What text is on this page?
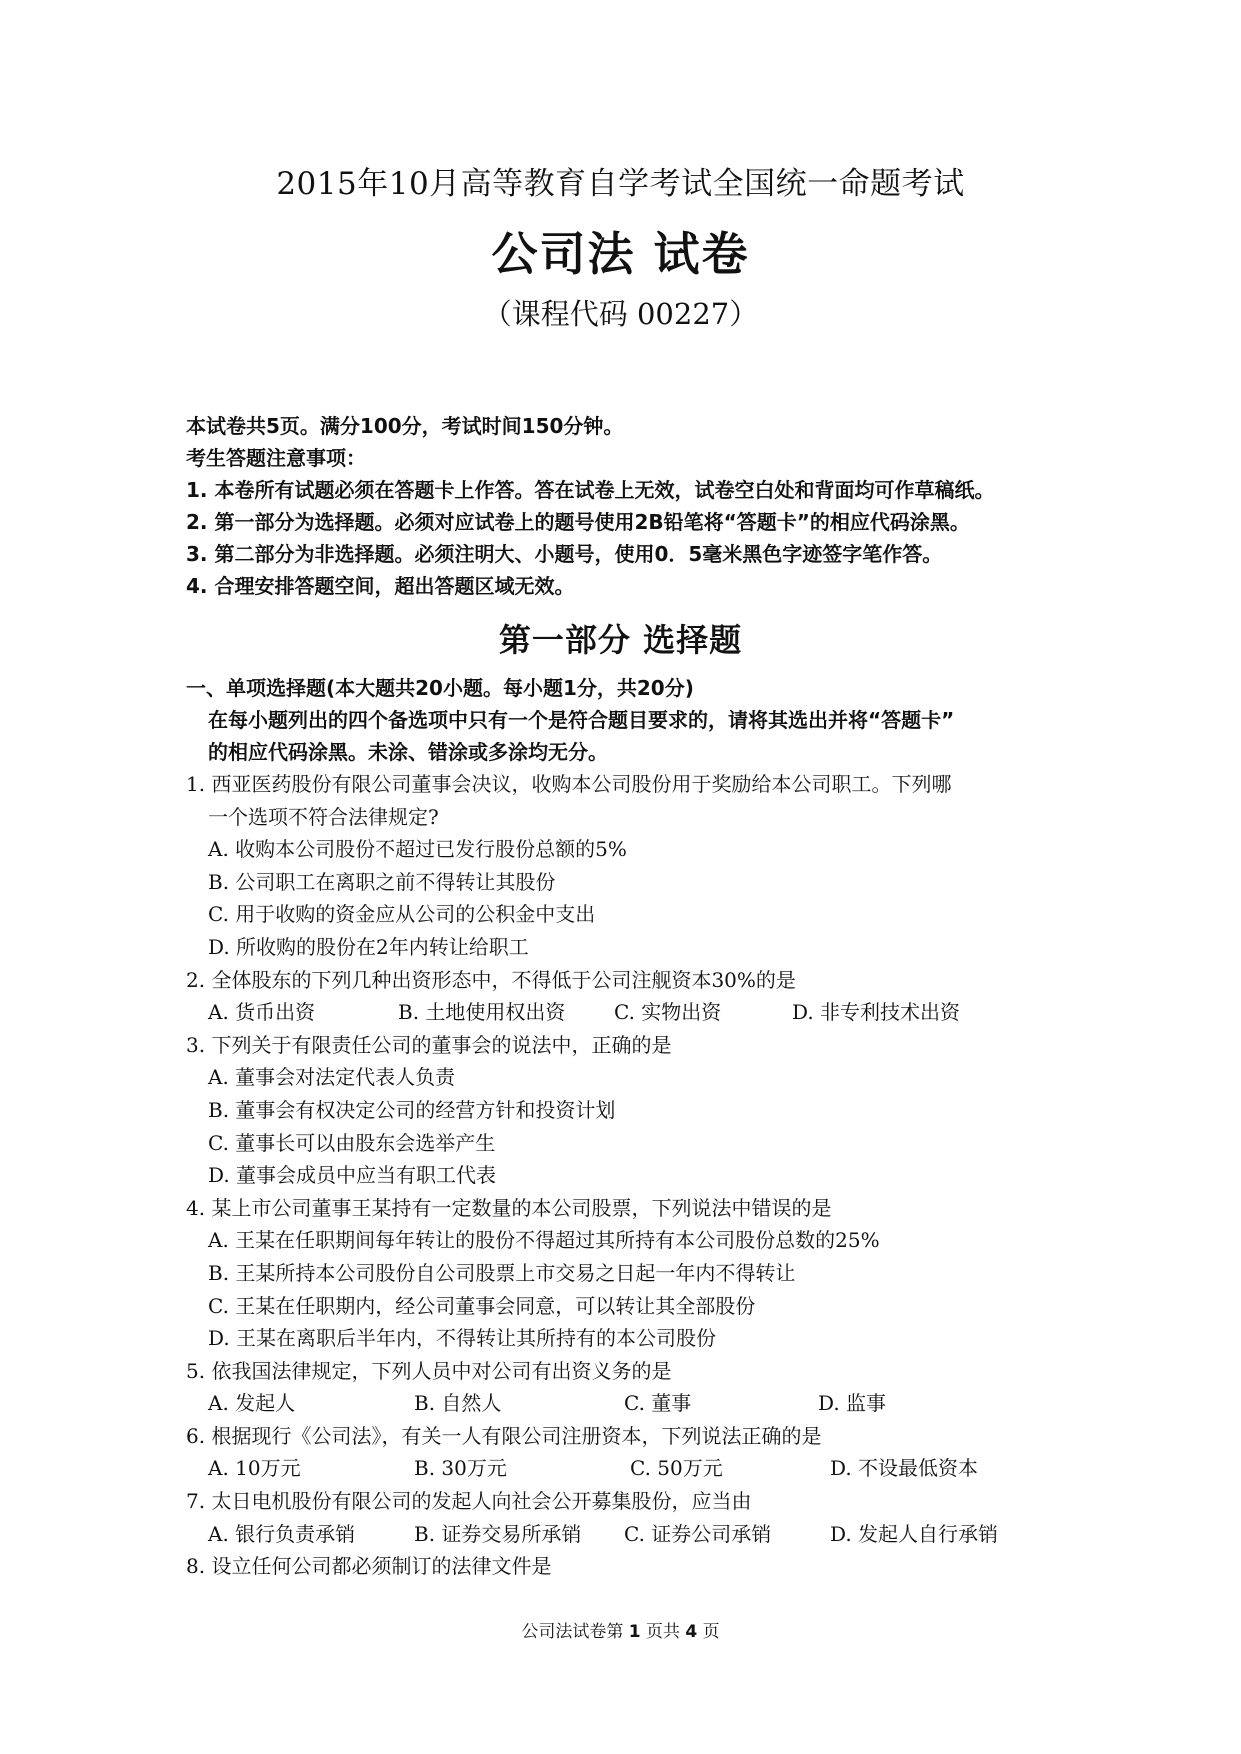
2015年10月高等教育自学考试全国统一命题考试
公司法 试卷
（课程代码 00227）
本试卷共5页。满分100分，考试时间150分钟。
考生答题注意事项：
1. 本卷所有试题必须在答题卡上作答。答在试卷上无效，试卷空白处和背面均可作草稿纸。
2. 第一部分为选择题。必须对应试卷上的题号使用2B铅笔将“答题卡”的相应代码涂黑。
3. 第二部分为非选择题。必须注明大、小题号，使用0．5毫米黑色字迹签字笔作答。
4. 合理安排答题空间，超出答题区域无效。
第一部分 选择题
一、单项选择题(本大题共20小题。每小题1分，共20分)
在每小题列出的四个备选项中只有一个是符合题目要求的，请将其选出并将“答题卡”
的相应代码涂黑。未涂、错涂或多涂均无分。
1. 西亚医药股份有限公司董事会决议，收购本公司股份用于奖励给本公司职工。下列哪
一个选项不符合法律规定?
A. 收购本公司股份不超过已发行股份总额的5%
B. 公司职工在离职之前不得转让其股份
C. 用于收购的资金应从公司的公积金中支出
D. 所收购的股份在2年内转让给职工
2. 全体股东的下列几种出资形态中，不得低于公司注舰资本30%的是
A. 货币出资	B. 土地使用权出资	C. 实物出资	D. 非专利技术出资
3. 下列关于有限责任公司的董事会的说法中，正确的是
A. 董事会对法定代表人负责
B. 董事会有权决定公司的经营方针和投资计划
C. 董事长可以由股东会选举产生
D. 董事会成员中应当有职工代表
4. 某上市公司董事王某持有一定数量的本公司股票，下列说法中错误的是
A. 王某在任职期间每年转让的股份不得超过其所持有本公司股份总数的25%
B. 王某所持本公司股份自公司股票上市交易之日起一年内不得转让
C. 王某在任职期内，经公司董事会同意，可以转让其全部股份
D. 王某在离职后半年内，不得转让其所持有的本公司股份
5. 依我国法律规定，下列人员中对公司有出资义务的是
A. 发起人	B. 自然人	C. 董事	D. 监事
6. 根据现行《公司法》，有关一人有限公司注册资本，下列说法正确的是
A. 10万元	B. 30万元	C. 50万元	D. 不设最低资本
7. 太日电机股份有限公司的发起人向社会公开募集股份，应当由
A. 银行负责承销	B. 证券交易所承销	C. 证券公司承销	D. 发起人自行承销
8. 设立任何公司都必须制订的法律文件是
公司法试卷第 1 页共 4 页
